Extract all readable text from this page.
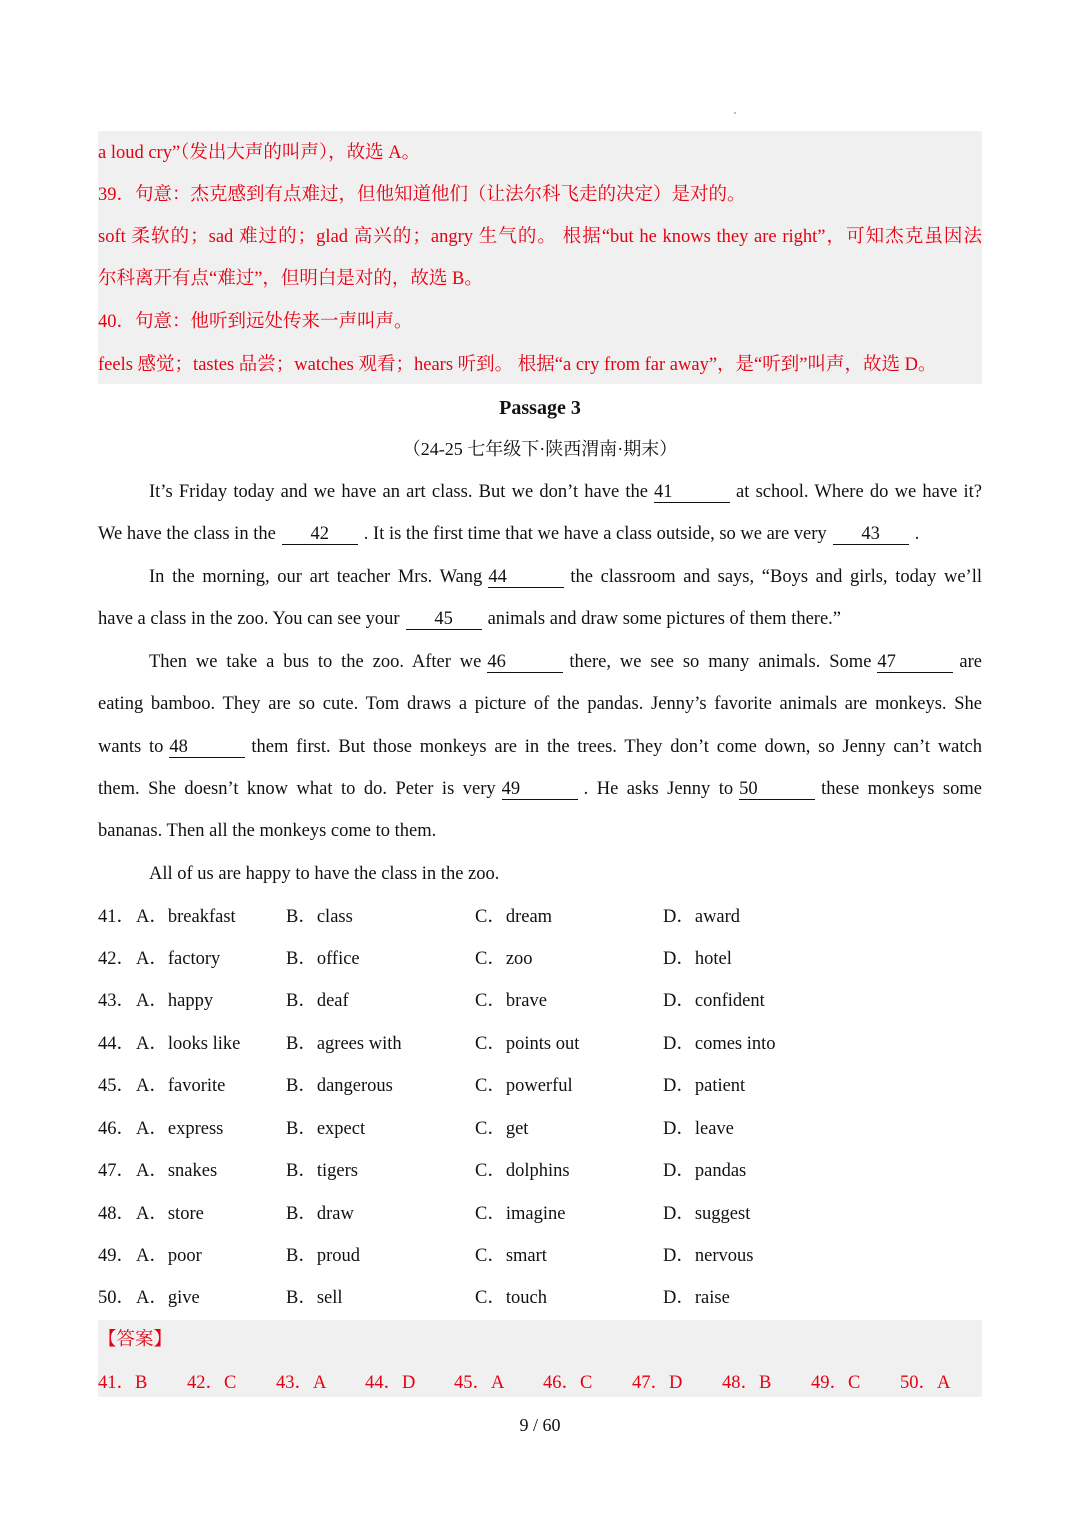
a loud cry”（发出大声的叫声），故选 A。
39．句意：杰克感到有点难过，但他知道他们（让法尔科飞走的决定）是对的。
soft 柔软的；sad 难过的；glad 高兴的；angry 生气的。 根据“but he knows they are right”，可知杰克虽因法
尔科离开有点“难过”，但明白是对的，故选 B。
40．句意：他听到远处传来一声叫声。
feels 感觉；tastes 品尝；watches 观看；hears 听到。 根据“a cry from far away”，是“听到”叫声，故选 D。
Passage 3
（24-25 七年级下·陕西渭南·期末）
It’s Friday today and we have an art class. But we don’t have the 41	at school. Where do we have it?
We have the class in the 42 . It is the first time that we have a class outside, so we are very 43 .
In the morning, our art teacher Mrs. Wang 44	the classroom and says, “Boys and girls, today we’ll
have a class in the zoo. You can see your 45 animals and draw some pictures of them there.”
Then we take a bus to the zoo. After we 46	there, we see so many animals. Some 47	are
eating bamboo. They are so cute. Tom draws a picture of the pandas. Jenny’s favorite animals are monkeys. She
wants to 48	them first. But those monkeys are in the trees. They don’t come down, so Jenny can’t watch
them. She doesn’t know what to do. Peter is very 49	. He asks Jenny to 50	these monkeys some
bananas. Then all the monkeys come to them.
All of us are happy to have the class in the zoo.
41． A．breakfast	B．class	C．dream	D．award
42． A．factory	B．office	C．zoo	D．hotel
43． A．happy	B．deaf	C．brave	D．confident
44． A．looks like B．agrees with	C．points out	D．comes into
45． A．favorite	B．dangerous	C．powerful	D．patient
46． A．express	B．expect	C．get	D．leave
47． A．snakes	B．tigers	C．dolphins	D．pandas
48． A．store	B．draw	C．imagine	D．suggest
49． A．poor	B．proud	C．smart	D．nervous
50． A．give	B．sell	C．touch	D．raise
【答案】
41．B 42．C 43．A 44．D 45．A 46．C 47．D 48．B 49．C 50．A
9 / 60
